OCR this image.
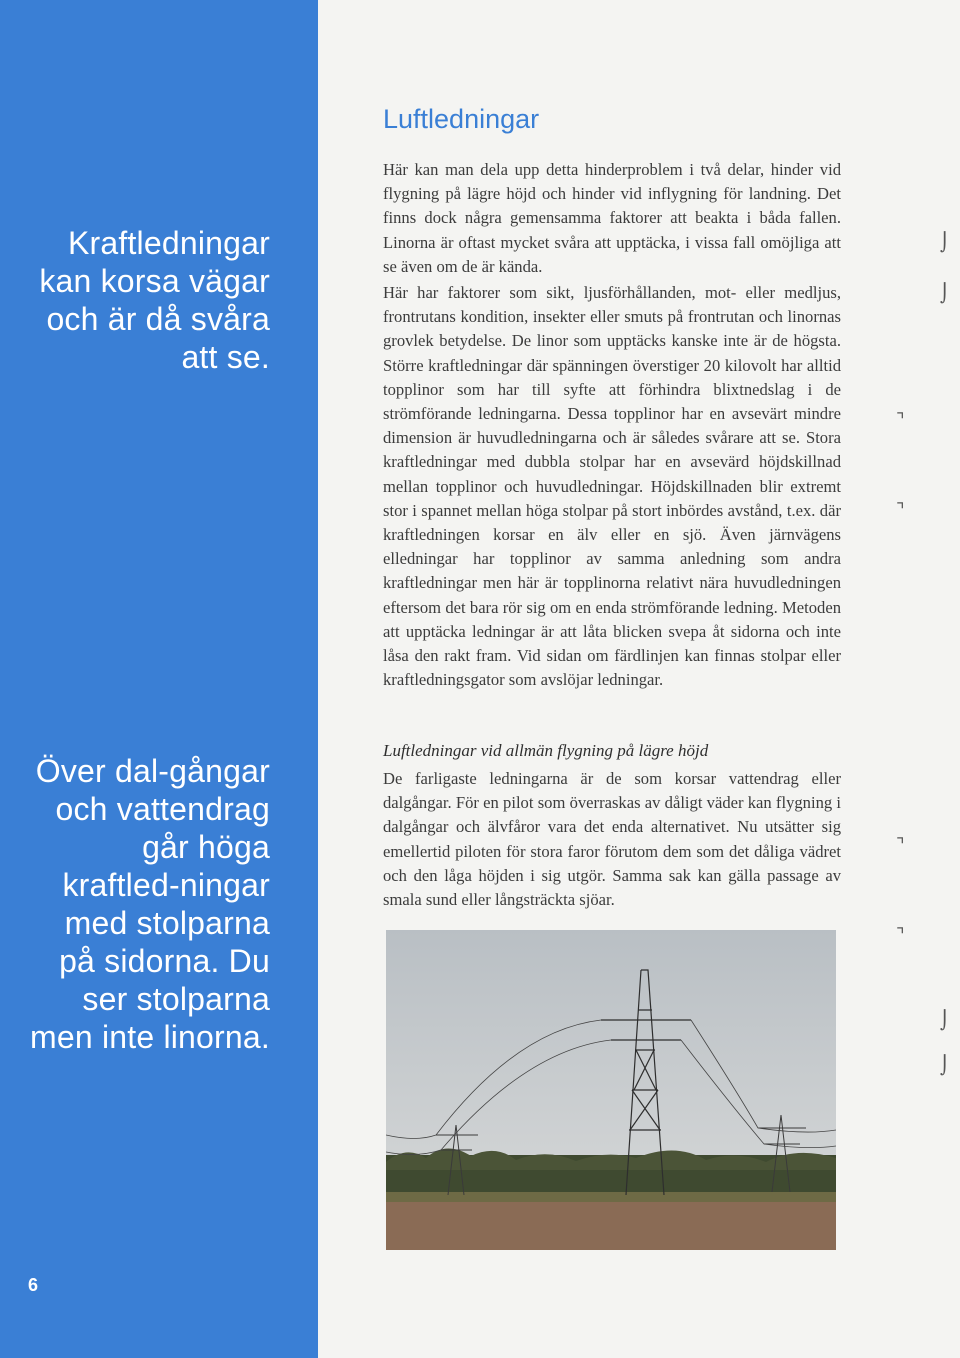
Kraftledningar kan korsa vägar och är då svåra att se.

Över dal-gångar och vattendrag går höga kraftled-ningar med stolparna på sidorna. Du ser stolparna men inte linorna.

6
Luftledningar

Här kan man dela upp detta hinderproblem i två delar, hinder vid flygning på lägre höjd och hinder vid inflygning för landning. Det finns dock några gemensamma faktorer att beakta i båda fallen. Linorna är oftast mycket svåra att upptäcka, i vissa fall omöjliga att se även om de är kända.

Här har faktorer som sikt, ljusförhållanden, mot- eller medljus, frontrutans kondition, insekter eller smuts på frontrutan och linornas grovlek betydelse. De linor som upptäcks kanske inte är de högsta. Större kraftledningar där spänningen överstiger 20 kilovolt har alltid topplinor som har till syfte att förhindra blixtnedslag i de strömförande ledningarna. Dessa topplinor har en avsevärt mindre dimension är huvudledningarna och är således svårare att se. Stora kraftledningar med dubbla stolpar har en avsevärd höjdskillnad mellan topplinor och huvudledningar. Höjdskillnaden blir extremt stor i spannet mellan höga stolpar på stort inbördes avstånd, t.ex. där kraftledningen korsar en älv eller en sjö. Även järnvägens elledningar har topplinor av samma anledning som andra kraftledningar men här är topplinorna relativt nära huvudledningen eftersom det bara rör sig om en enda strömförande ledning. Metoden att upptäcka ledningar är att låta blicken svepa åt sidorna och inte låsa den rakt fram. Vid sidan om färdlinjen kan finnas stolpar eller kraftledningsgator som avslöjar ledningar.

Luftledningar vid allmän flygning på lägre höjd

De farligaste ledningarna är de som korsar vattendrag eller dalgångar. För en pilot som överraskas av dåligt väder kan flygning i dalgångar och älvfåror vara det enda alternativet. Nu utsätter sig emellertid piloten för stora faror förutom dem som det dåliga vädret och den låga höjden i sig utgör. Samma sak kan gälla passage av smala sund eller långsträckta sjöar.

⌡
⌡
⌝
⌝
⌝
⌝
⌡
⌡
